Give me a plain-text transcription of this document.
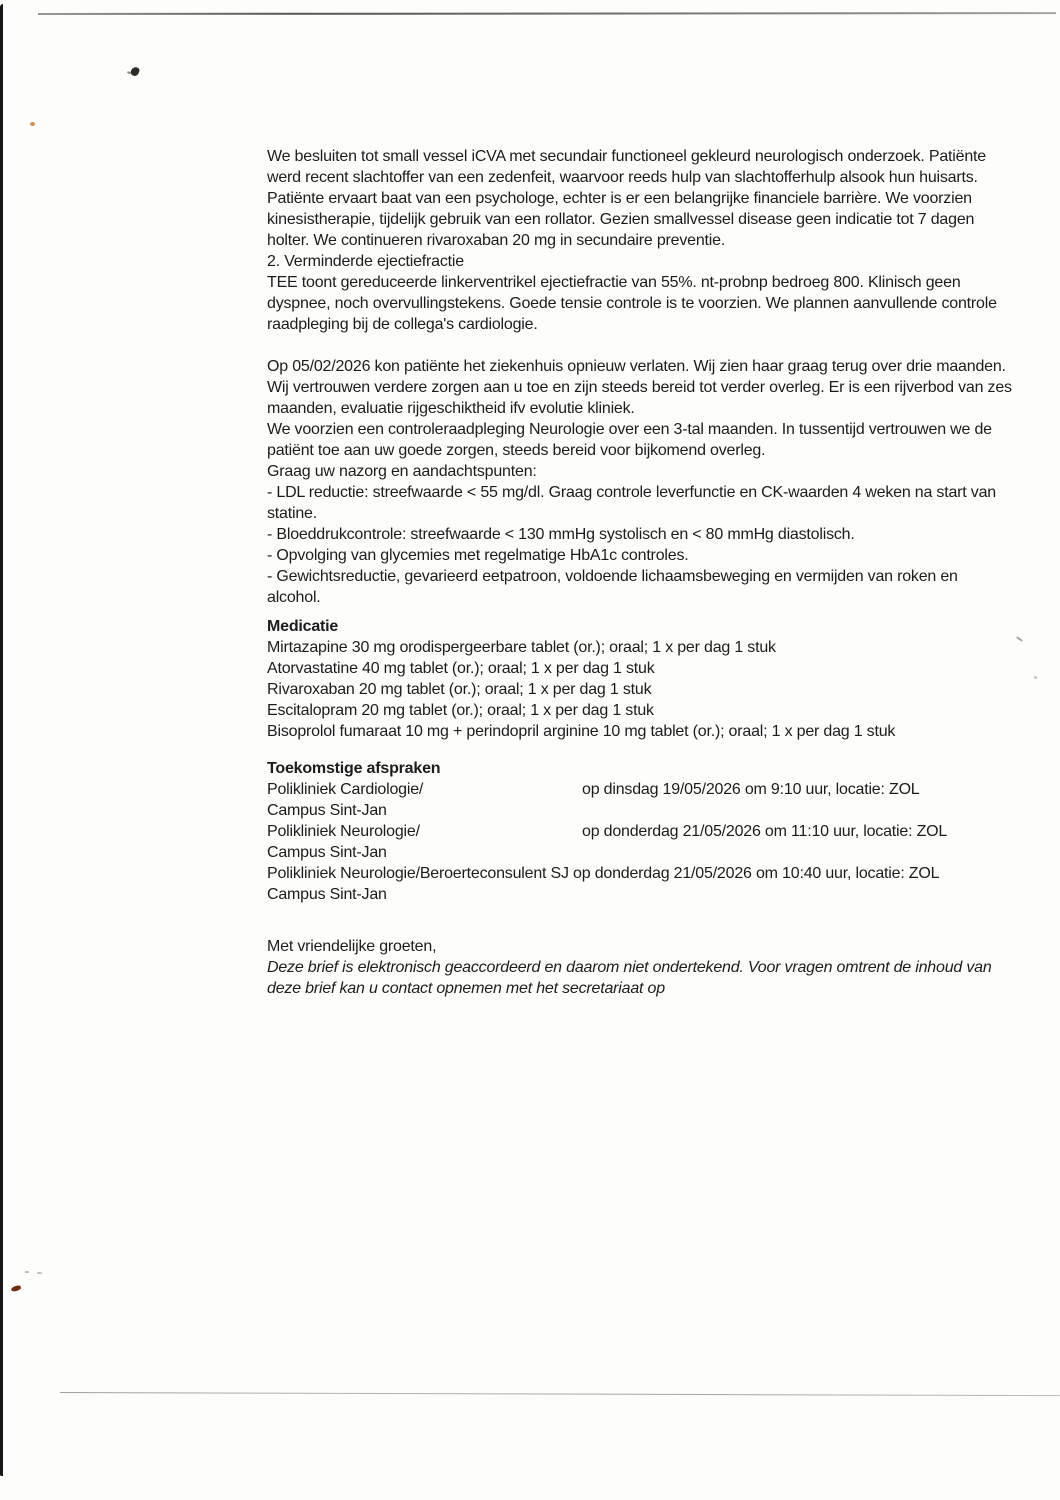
We besluiten tot small vessel iCVA met secundair functioneel gekleurd neurologisch onderzoek. Patiënte werd recent slachtoffer van een zedenfeit, waarvoor reeds hulp van slachtofferhulp alsook hun huisarts. Patiënte ervaart baat van een psychologe, echter is er een belangrijke financiele barrière. We voorzien kinesistherapie, tijdelijk gebruik van een rollator. Gezien smallvessel disease geen indicatie tot 7 dagen holter. We continueren rivaroxaban 20 mg in secundaire preventie.

2. Verminderde ejectiefractie

TEE toont gereduceerde linkerventrikel ejectiefractie van 55%. nt-probnp bedroeg 800. Klinisch geen dyspnee, noch overvullingstekens. Goede tensie controle is te voorzien. We plannen aanvullende controle raadpleging bij de collega's cardiologie.

Op 05/02/2026 kon patiënte het ziekenhuis opnieuw verlaten. Wij zien haar graag terug over drie maanden. Wij vertrouwen verdere zorgen aan u toe en zijn steeds bereid tot verder overleg. Er is een rijverbod van zes maanden, evaluatie rijgeschiktheid ifv evolutie kliniek.

We voorzien een controleraadpleging Neurologie over een 3-tal maanden. In tussentijd vertrouwen we de patiënt toe aan uw goede zorgen, steeds bereid voor bijkomend overleg.

Graag uw nazorg en aandachtspunten:

- LDL reductie: streefwaarde < 55 mg/dl. Graag controle leverfunctie en CK-waarden 4 weken na start van statine.

- Bloeddrukcontrole: streefwaarde < 130 mmHg systolisch en < 80 mmHg diastolisch.

- Opvolging van glycemies met regelmatige HbA1c controles.

- Gewichtsreductie, gevarieerd eetpatroon, voldoende lichaamsbeweging en vermijden van roken en alcohol.

Medicatie
Mirtazapine 30 mg orodispergeerbare tablet (or.); oraal; 1 x per dag 1 stuk
Atorvastatine 40 mg tablet (or.); oraal; 1 x per dag 1 stuk
Rivaroxaban 20 mg tablet (or.); oraal; 1 x per dag 1 stuk
Escitalopram 20 mg tablet (or.); oraal; 1 x per dag 1 stuk
Bisoprolol fumaraat 10 mg + perindopril arginine 10 mg tablet (or.); oraal; 1 x per dag 1 stuk
Toekomstige afspraken
Polikliniek Cardiologie/	op dinsdag 19/05/2026 om 9:10 uur, locatie: ZOL
Campus Sint-Jan
Polikliniek Neurologie/	op donderdag 21/05/2026 om 11:10 uur, locatie: ZOL
Campus Sint-Jan
Polikliniek Neurologie/Beroerteconsulent SJ op donderdag 21/05/2026 om 10:40 uur, locatie: ZOL
Campus Sint-Jan

Met vriendelijke groeten,

Deze brief is elektronisch geaccordeerd en daarom niet ondertekend. Voor vragen omtrent de inhoud van deze brief kan u contact opnemen met het secretariaat op
